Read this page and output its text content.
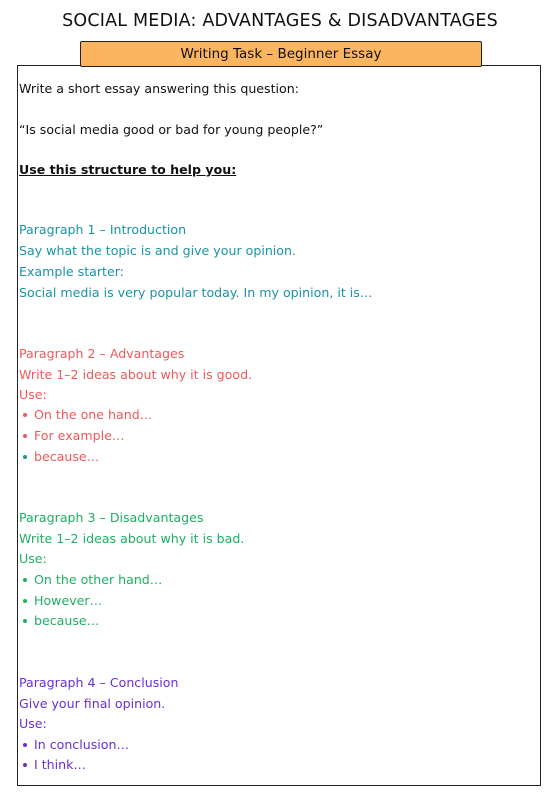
SOCIAL MEDIA: ADVANTAGES & DISADVANTAGES
Writing Task – Beginner Essay
Write a short essay answering this question:
“Is social media good or bad for young people?”
Use this structure to help you:
Paragraph 1 – Introduction
Say what the topic is and give your opinion.
Example starter:
Social media is very popular today. In my opinion, it is…
Paragraph 2 – Advantages
Write 1–2 ideas about why it is good.
Use:
On the one hand…
For example…
because…
Paragraph 3 – Disadvantages
Write 1–2 ideas about why it is bad.
Use:
On the other hand…
However…
because…
Paragraph 4 – Conclusion
Give your final opinion.
Use:
In conclusion…
I think…
